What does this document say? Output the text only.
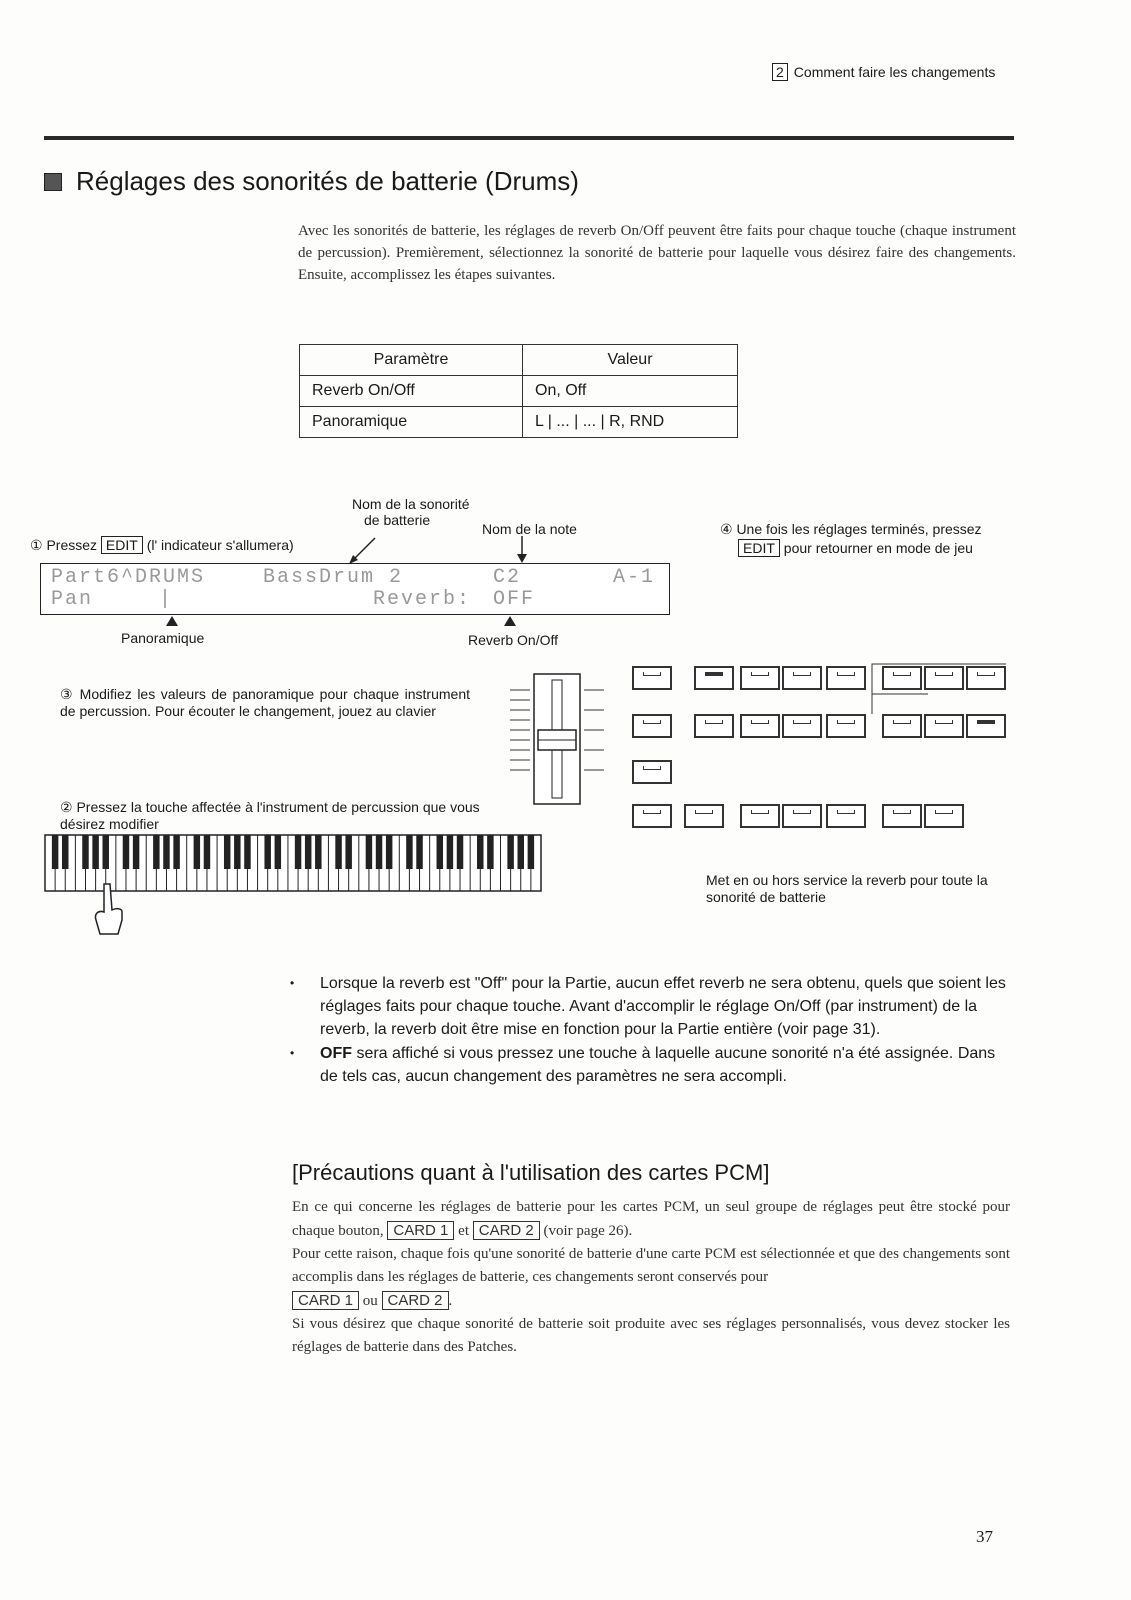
2 Comment faire les changements
Réglages des sonorités de batterie (Drums)
Avec les sonorités de batterie, les réglages de reverb On/Off peuvent être faits pour chaque touche (chaque instrument de percussion). Premièrement, sélectionnez la sonorité de batterie pour laquelle vous désirez faire des changements. Ensuite, accomplissez les étapes suivantes.
Paramètre	Valeur
Reverb On/Off	On, Off
Panoramique	L | ... | ... | R, RND
Nom de la sonorité
de batterie
Nom de la note
① Pressez EDIT (l' indicateur s'allumera)
④ Une fois les réglages terminés, pressez
EDIT pour retourner en mode de jeu
Part6^DRUMS	BassDrum 2	C2	A-1
Pan	|	Reverb: OFF
Panoramique	Reverb On/Off
③ Modifiez les valeurs de panoramique pour chaque instrument de percussion. Pour écouter le changement, jouez au clavier
② Pressez la touche affectée à l'instrument de percussion que vous désirez modifier
Met en ou hors service la reverb pour toute la sonorité de batterie
• Lorsque la reverb est "Off" pour la Partie, aucun effet reverb ne sera obtenu, quels que soient les réglages faits pour chaque touche. Avant d'accomplir le réglage On/Off (par instrument) de la reverb, la reverb doit être mise en fonction pour la Partie entière (voir page 31).
• OFF sera affiché si vous pressez une touche à laquelle aucune sonorité n'a été assignée. Dans de tels cas, aucun changement des paramètres ne sera accompli.
[Précautions quant à l'utilisation des cartes PCM]
En ce qui concerne les réglages de batterie pour les cartes PCM, un seul groupe de réglages peut être stocké pour chaque bouton, CARD 1 et CARD 2 (voir page 26).
Pour cette raison, chaque fois qu'une sonorité de batterie d'une carte PCM est sélectionnée et que des changements sont accomplis dans les réglages de batterie, ces changements seront conservés pour
CARD 1 ou CARD 2 .
Si vous désirez que chaque sonorité de batterie soit produite avec ses réglages personnalisés, vous devez stocker les réglages de batterie dans des Patches.
37
